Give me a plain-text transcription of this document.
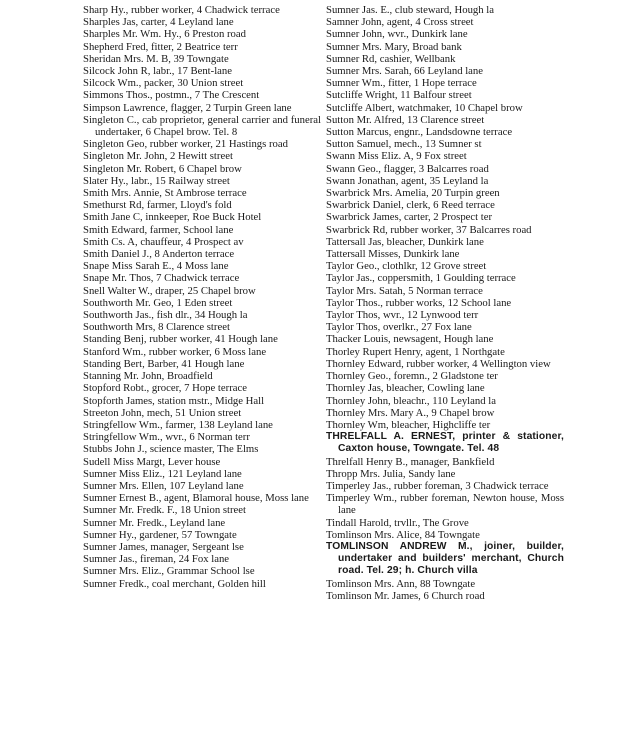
Sharp Hy., rubber worker, 4 Chadwick terrace

Sharples Jas, carter, 4 Leyland lane

Sharples Mr. Wm. Hy., 6 Preston road

Shepherd Fred, fitter, 2 Beatrice terr

Sheridan Mrs. M. B, 39 Towngate

Silcock John R, labr., 17 Bent-lane

Silcock Wm., packer, 30 Union street

Simmons Thos., postmn., 7 The Crescent

Simpson Lawrence, flagger, 2 Turpin Green lane

Singleton C., cab proprietor, general carrier and funeral undertaker, 6 Chapel brow. Tel. 8

Singleton Geo, rubber worker, 21 Hastings road

Singleton Mr. John, 2 Hewitt street

Singleton Mr. Robert, 6 Chapel brow

Slater Hy., labr., 15 Railway street

Smith Mrs. Annie, St Ambrose terrace

Smethurst Rd, farmer, Lloyd's fold

Smith Jane C, innkeeper, Roe Buck Hotel

Smith Edward, farmer, School lane

Smith Cs. A, chauffeur, 4 Prospect av

Smith Daniel J., 8 Anderton terrace

Snape Miss Sarah E., 4 Moss lane

Snape Mr. Thos, 7 Chadwick terrace

Snell Walter W., draper, 25 Chapel brow

Southworth Mr. Geo, 1 Eden street

Southworth Jas., fish dlr., 34 Hough la

Southworth Mrs, 8 Clarence street

Standing Benj, rubber worker, 41 Hough lane

Stanford Wm., rubber worker, 6 Moss lane

Standing Bert, Barber, 41 Hough lane

Stanning Mr. John, Broadfield

Stopford Robt., grocer, 7 Hope terrace

Stopforth James, station mstr., Midge Hall

Streeton John, mech, 51 Union street

Stringfellow Wm., farmer, 138 Leyland lane

Stringfellow Wm., wvr., 6 Norman terr

Stubbs John J., science master, The Elms

Sudell Miss Margt, Lever house

Sumner Miss Eliz., 121 Leyland lane

Sumner Mrs. Ellen, 107 Leyland lane

Sumner Ernest B., agent, Blamoral house, Moss lane

Sumner Mr. Fredk. F., 18 Union street

Sumner Mr. Fredk., Leyland lane

Sumner Hy., gardener, 57 Towngate

Sumner James, manager, Sergeant lse

Sumner Jas., fireman, 24 Fox lane

Sumner Mrs. Eliz., Grammar School lse

Sumner Fredk., coal merchant, Golden hill

Sumner Jas. E., club steward, Hough la

Samner John, agent, 4 Cross street

Sumner John, wvr., Dunkirk lane

Sumner Mrs. Mary, Broad bank

Sumner Rd, cashier, Wellbank

Sumner Mrs. Sarah, 66 Leyland lane

Sumner Wm., fitter, 1 Hope terrace

Sutcliffe Wright, 11 Balfour street

Sutcliffe Albert, watchmaker, 10 Chapel brow

Sutton Mr. Alfred, 13 Clarence street

Sutton Marcus, engnr., Landsdowne terrace

Sutton Samuel, mech., 13 Sumner st

Swann Miss Eliz. A, 9 Fox street

Swann Geo., flagger, 3 Balcarres road

Swann Jonathan, agent, 35 Leyland la

Swarbrick Mrs. Amelia, 20 Turpin green

Swarbrick Daniel, clerk, 6 Reed terrace

Swarbrick James, carter, 2 Prospect ter

Swarbrick Rd, rubber worker, 37 Balcarres road

Tattersall Jas, bleacher, Dunkirk lane

Tattersall Misses, Dunkirk lane

Taylor Geo., clothlkr, 12 Grove street

Taylor Jas., coppersmith, 1 Goulding terrace

Taylor Mrs. Satah, 5 Norman terrace

Taylor Thos., rubber works, 12 School lane

Taylor Thos, wvr., 12 Lynwood terr

Taylor Thos, overlkr., 27 Fox lane

Thacker Louis, newsagent, Hough lane

Thorley Rupert Henry, agent, 1 Northgate

Thornley Edward, rubber worker, 4 Wellington view

Thornley Geo., foremn., 2 Gladstone ter

Thornley Jas, bleacher, Cowling lane

Thornley John, bleachr., 110 Leyland la

Thornley Mrs. Mary A., 9 Chapel brow

Thornley Wm, bleacher, Highcliffe ter

THRELFALL A. ERNEST, printer & stationer, Caxton house, Towngate. Tel. 48

Threlfall Henry B., manager, Bankfield

Thropp Mrs. Julia, Sandy lane

Timperley Jas., rubber foreman, 3 Chadwick terrace

Timperley Wm., rubber foreman, Newton house, Moss lane

Tindall Harold, trvllr., The Grove

Tomlinson Mrs. Alice, 84 Towngate

TOMLINSON ANDREW M., joiner, builder, undertaker and builders' merchant, Church road. Tel. 29; h. Church villa

Tomlinson Mrs. Ann, 88 Towngate

Tomlinson Mr. James, 6 Church road
